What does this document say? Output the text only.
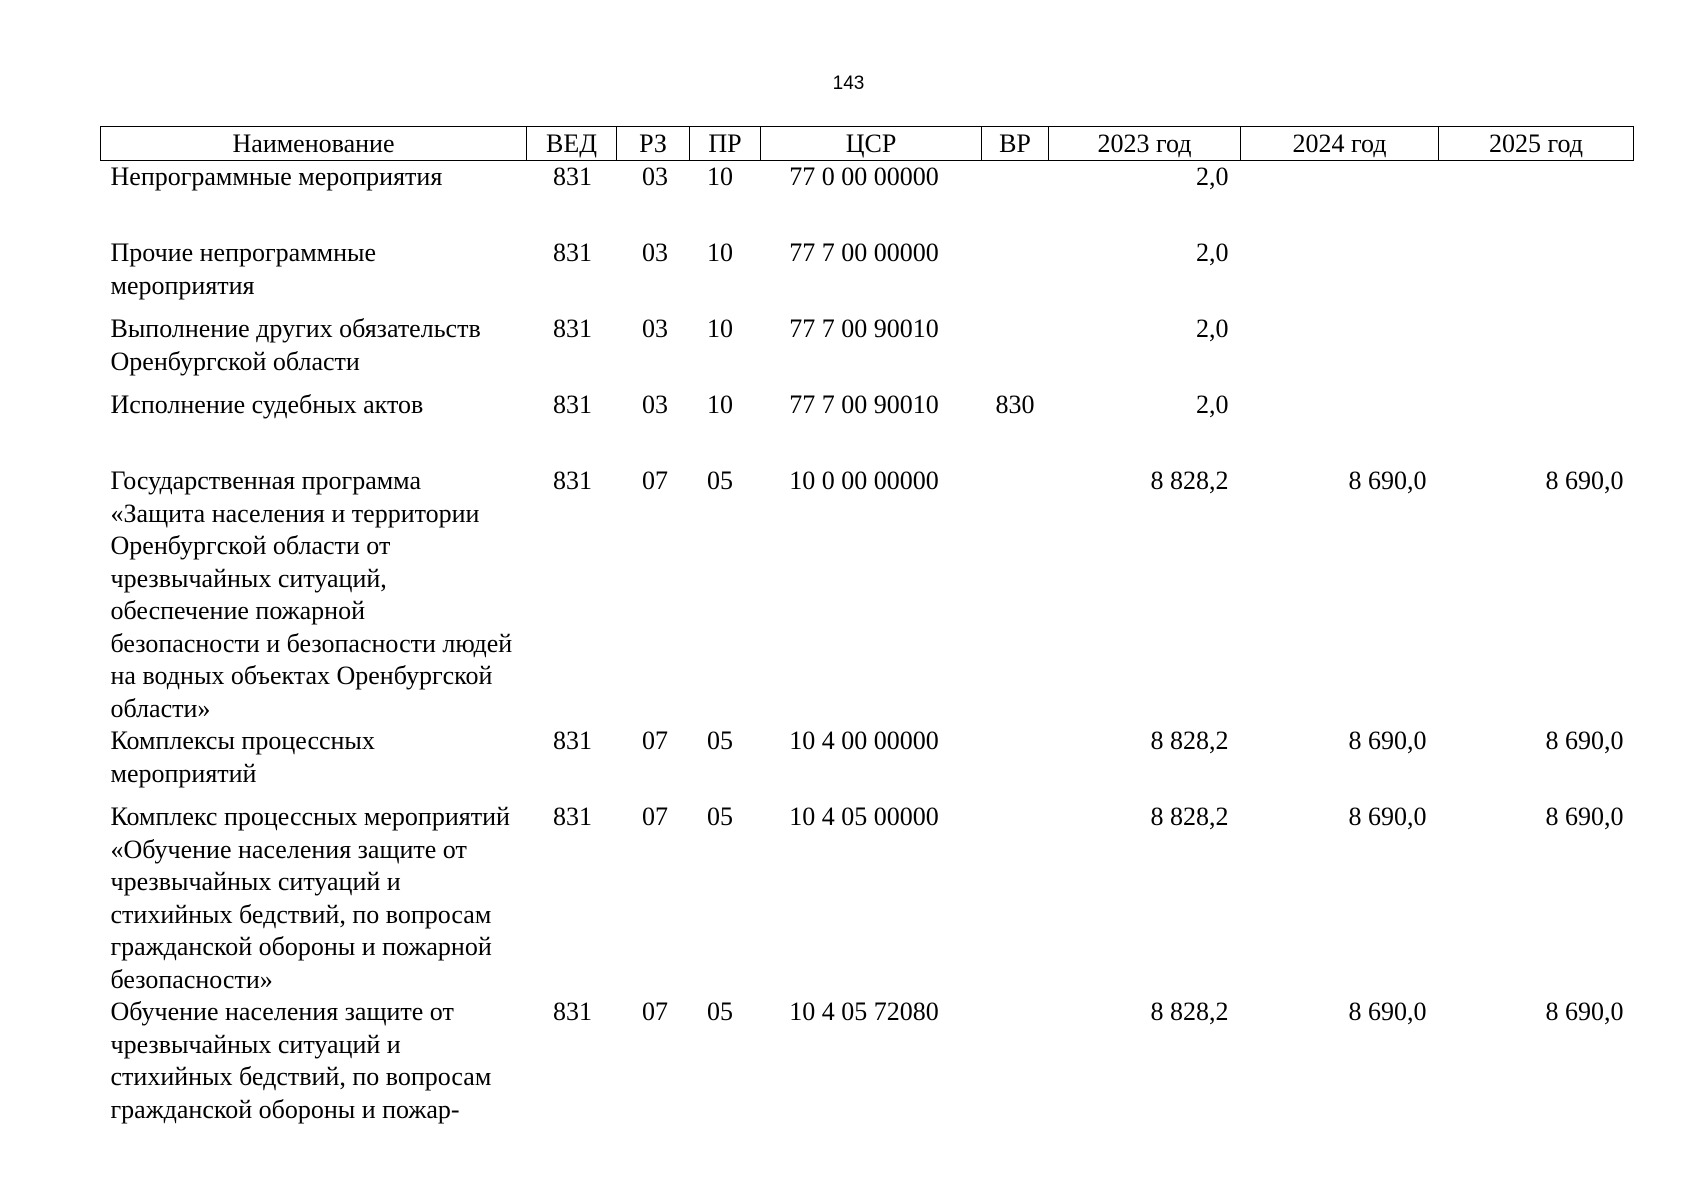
143
Наименование	ВЕД	РЗ	ПР	ЦСР	ВР	2023 год	2024 год	2025 год
Непрограммные мероприятия	831	03	10	77 0 00 00000		2,0		
Прочие непрограммные мероприятия	831	03	10	77 7 00 00000		2,0		
Выполнение других обязательств Оренбургской области	831	03	10	77 7 00 90010		2,0		
Исполнение судебных актов	831	03	10	77 7 00 90010	830	2,0		
Государственная программа «Защита населения и территории Оренбургской области от чрезвычайных ситуаций, обеспечение пожарной безопасности и безопасности людей на водных объектах Оренбургской области»	831	07	05	10 0 00 00000		8 828,2	8 690,0	8 690,0
Комплексы процессных мероприятий	831	07	05	10 4 00 00000		8 828,2	8 690,0	8 690,0
Комплекс процессных мероприятий «Обучение населения защите от чрезвычайных ситуаций и стихийных бедствий, по вопросам гражданской обороны и пожарной безопасности»	831	07	05	10 4 05 00000		8 828,2	8 690,0	8 690,0
Обучение населения защите от чрезвычайных ситуаций и стихийных бедствий, по вопросам гражданской обороны и пожар-	831	07	05	10 4 05 72080		8 828,2	8 690,0	8 690,0
